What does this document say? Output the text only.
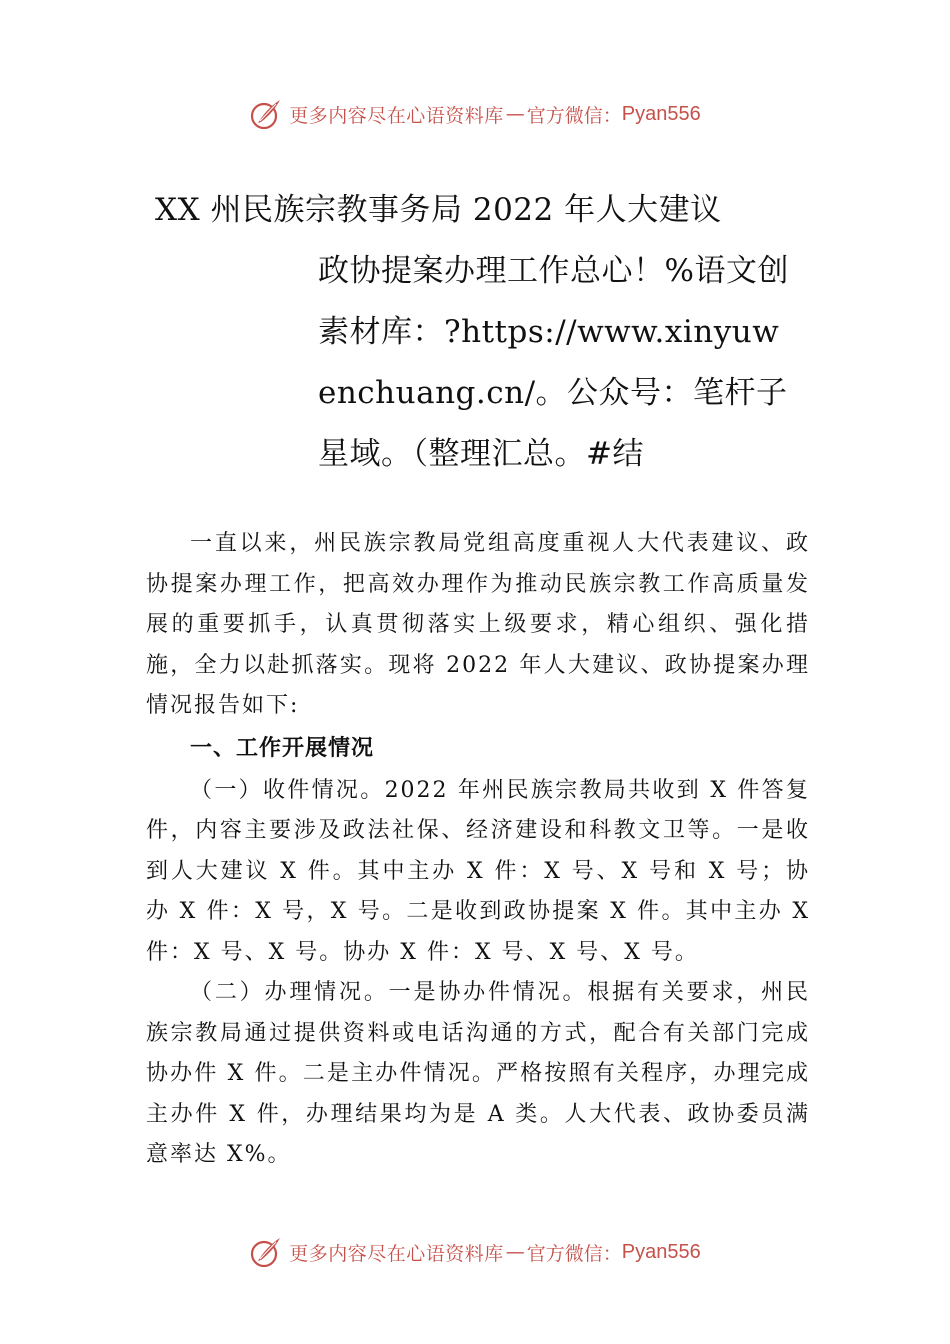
更多内容尽在心语资料库 — 官方微信： Pyan556
XX 州民族宗教事务局 2022 年人大建议
政协提案办理工作总心！%语文创素材库：?https://www.xinyuwenchuang.cn/。公众号：笔杆子星域。（整理汇总。#结

一直以来，州民族宗教局党组高度重视人大代表建议、政协提案办理工作，把高效办理作为推动民族宗教工作高质量发展的重要抓手，认真贯彻落实上级要求，精心组织、强化措施，全力以赴抓落实。现将 2022 年人大建议、政协提案办理情况报告如下:

一、工作开展情况

（一）收件情况。2022 年州民族宗教局共收到 X 件答复件，内容主要涉及政法社保、经济建设和科教文卫等。一是收到人大建议 X 件。其中主办 X 件：X 号、X 号和 X 号；协办 X 件：X 号，X 号。二是收到政协提案 X 件。其中主办 X 件：X 号、X 号。协办 X 件：X 号、X 号、X 号。

（二）办理情况。一是协办件情况。根据有关要求，州民族宗教局通过提供资料或电话沟通的方式，配合有关部门完成协办件 X 件。二是主办件情况。严格按照有关程序，办理完成主办件 X 件，办理结果均为是 A 类。人大代表、政协委员满意率达 X%。

更多内容尽在心语资料库 — 官方微信： Pyan556
